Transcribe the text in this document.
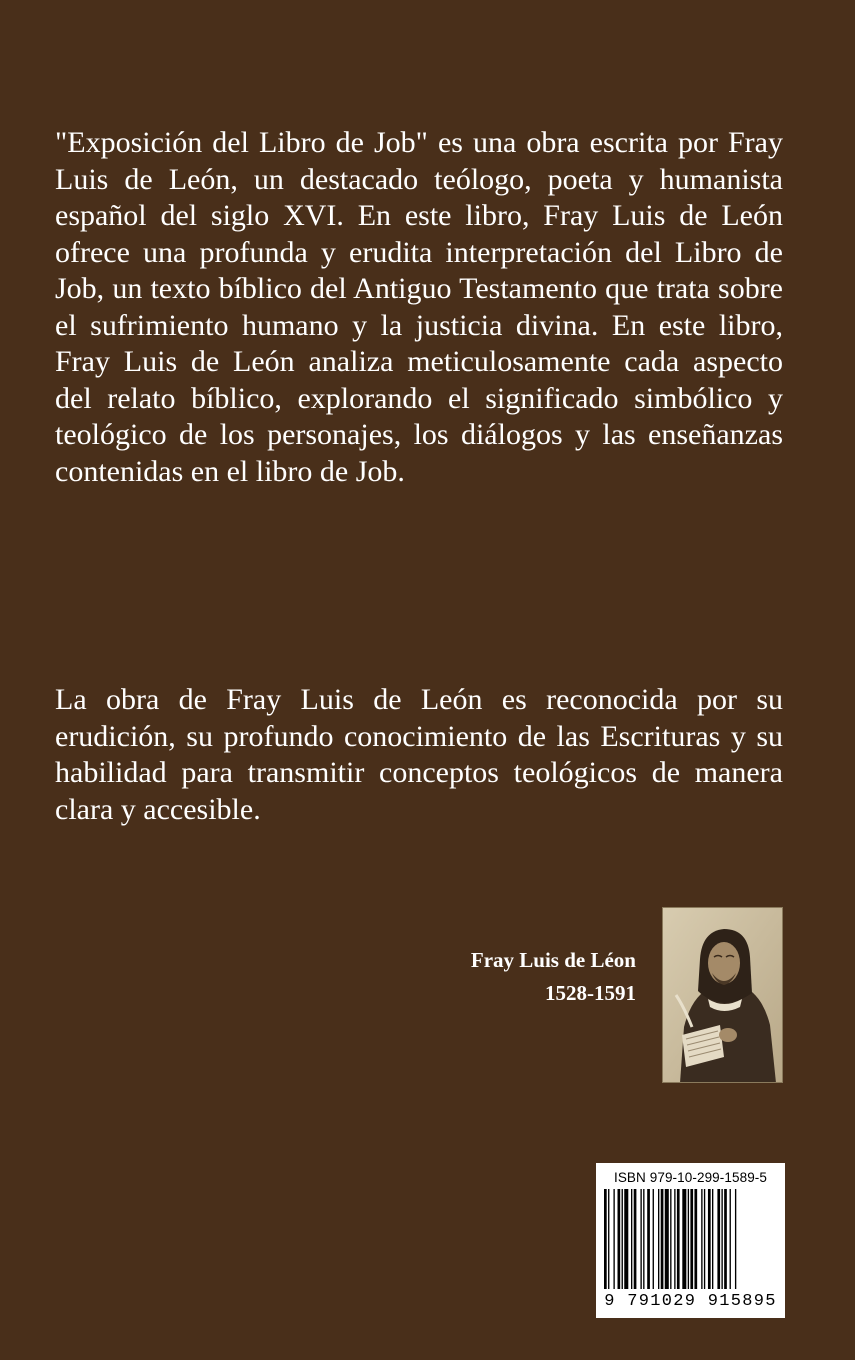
"Exposición del Libro de Job" es una obra escrita por Fray Luis de León, un destacado teólogo, poeta y humanista español del siglo XVI. En este libro, Fray Luis de León ofrece una profunda y erudita interpretación del Libro de Job, un texto bíblico del Antiguo Testamento que trata sobre el sufrimiento humano y la justicia divina. En este libro, Fray Luis de León analiza meticulosamente cada aspecto del relato bíblico, explorando el significado simbólico y teológico de los personajes, los diálogos y las enseñanzas contenidas en el libro de Job.

La obra de Fray Luis de León es reconocida por su erudición, su profundo conocimiento de las Escrituras y su habilidad para transmitir conceptos teológicos de manera clara y accesible.

Fray Luis de Léon
1528-1591
ISBN 979-10-299-1589-5
9 791029 915895
